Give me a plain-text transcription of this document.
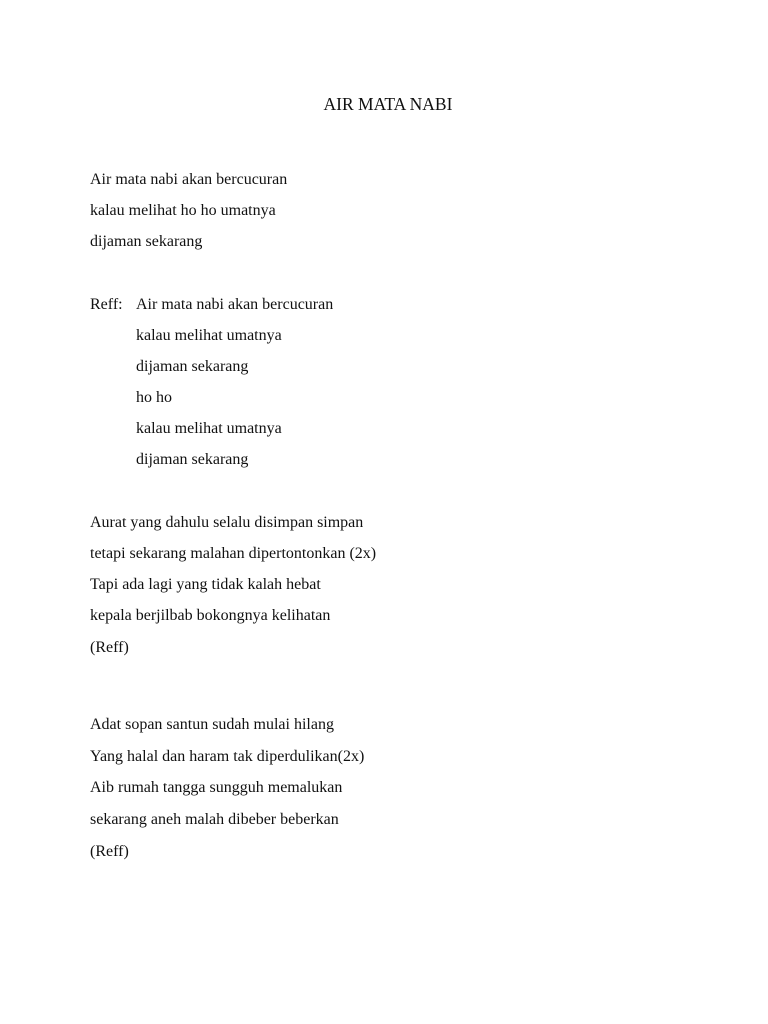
AIR MATA NABI
Air mata nabi akan bercucuran
kalau melihat ho ho umatnya
dijaman sekarang
Reff: Air mata nabi akan bercucuran
kalau melihat umatnya
dijaman sekarang
ho ho
kalau melihat umatnya
dijaman sekarang
Aurat yang dahulu selalu disimpan simpan
tetapi sekarang malahan dipertontonkan (2x)
Tapi ada lagi yang tidak kalah hebat
kepala berjilbab bokongnya kelihatan
(Reff)
Adat sopan santun sudah mulai hilang
Yang halal dan haram tak diperdulikan(2x)
Aib rumah tangga sungguh memalukan
sekarang aneh malah dibeber beberkan
(Reff)
